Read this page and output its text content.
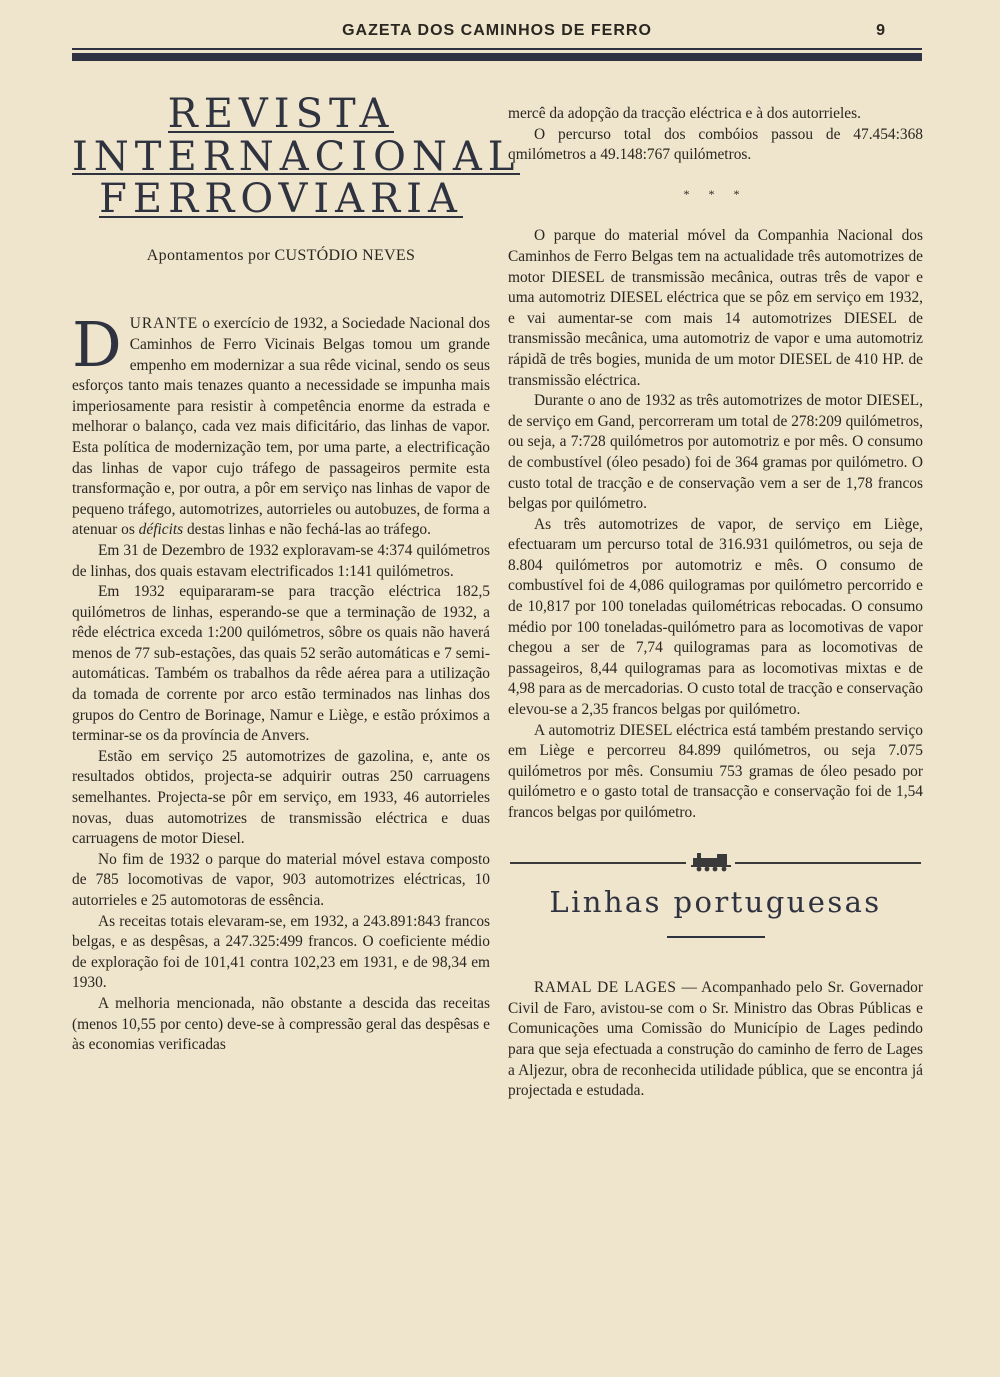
GAZETA DOS CAMINHOS DE FERRO	9
REVISTA
INTERNACIONAL
FERROVIARIA
Apontamentos por CUSTÓDIO NEVES

DURANTE o exercício de 1932, a Sociedade Nacional dos Caminhos de Ferro Vicinais Belgas tomou um grande empenho em modernizar a sua rêde vicinal, sendo os seus esforços tanto mais tenazes quanto a necessidade se impunha mais imperiosamente para resistir à competência enorme da estrada e melhorar o balanço, cada vez mais dificitário, das linhas de vapor. Esta política de modernização tem, por uma parte, a electrificação das linhas de vapor cujo tráfego de passageiros permite esta transformação e, por outra, a pôr em serviço nas linhas de vapor de pequeno tráfego, automotrizes, autorrieles ou autobuzes, de forma a atenuar os déficits destas linhas e não fechá-las ao tráfego.

Em 31 de Dezembro de 1932 exploravam-se 4:374 quilómetros de linhas, dos quais estavam electrificados 1:141 quilómetros.

Em 1932 equipararam-se para tracção eléctrica 182,5 quilómetros de linhas, esperando-se que a terminação de 1932, a rêde eléctrica exceda 1:200 quilómetros, sôbre os quais não haverá menos de 77 sub-estações, das quais 52 serão automáticas e 7 semi-automáticas. Também os trabalhos da rêde aérea para a utilização da tomada de corrente por arco estão terminados nas linhas dos grupos do Centro de Borinage, Namur e Liège, e estão próximos a terminar-se os da província de Anvers.

Estão em serviço 25 automotrizes de gazolina, e, ante os resultados obtidos, projecta-se adquirir outras 250 carruagens semelhantes. Projecta-se pôr em serviço, em 1933, 46 autorrieles novas, duas automotrizes de transmissão eléctrica e duas carruagens de motor Diesel.

No fim de 1932 o parque do material móvel estava composto de 785 locomotivas de vapor, 903 automotrizes eléctricas, 10 autorrieles e 25 automotoras de essência.

As receitas totais elevaram-se, em 1932, a 243.891:843 francos belgas, e as despêsas, a 247.325:499 francos. O coeficiente médio de exploração foi de 101,41 contra 102,23 em 1931, e de 98,34 em 1930.

A melhoria mencionada, não obstante a descida das receitas (menos 10,55 por cento) deve-se à compressão geral das despêsas e às economias verificadas

mercê da adopção da tracção eléctrica e à dos autorrieles.

O percurso total dos combóios passou de 47.454:368 qmilómetros a 49.148:767 quilómetros.

* * *

O parque do material móvel da Companhia Nacional dos Caminhos de Ferro Belgas tem na actualidade três automotrizes de motor DIESEL de transmissão mecânica, outras três de vapor e uma automotriz DIESEL eléctrica que se pôz em serviço em 1932, e vai aumentar-se com mais 14 automotrizes DIESEL de transmissão mecânica, uma automotriz de vapor e uma automotriz rápidã de três bogies, munida de um motor DIESEL de 410 HP. de transmissão eléctrica.

Durante o ano de 1932 as três automotrizes de motor DIESEL, de serviço em Gand, percorreram um total de 278:209 quilómetros, ou seja, a 7:728 quilómetros por automotriz e por mês. O consumo de combustível (óleo pesado) foi de 364 gramas por quilómetro. O custo total de tracção e de conservação vem a ser de 1,78 francos belgas por quilómetro.

As três automotrizes de vapor, de serviço em Liège, efectuaram um percurso total de 316.931 quilómetros, ou seja de 8.804 quilómetros por automotriz e mês. O consumo de combustível foi de 4,086 quilogramas por quilómetro percorrido e de 10,817 por 100 toneladas quilométricas rebocadas. O consumo médio por 100 toneladas-quilómetro para as locomotivas de vapor chegou a ser de 7,74 quilogramas para as locomotivas de passageiros, 8,44 quilogramas para as locomotivas mixtas e de 4,98 para as de mercadorias. O custo total de tracção e conservação elevou-se a 2,35 francos belgas por quilómetro.

A automotriz DIESEL eléctrica está também prestando serviço em Liège e percorreu 84.899 quilómetros, ou seja 7.075 quilómetros por mês. Consumiu 753 gramas de óleo pesado por quilómetro e o gasto total de transacção e conservação foi de 1,54 francos belgas por quilómetro.

Linhas portuguesas

RAMAL DE LAGES — Acompanhado pelo Sr. Governador Civil de Faro, avistou-se com o Sr. Ministro das Obras Públicas e Comunicações uma Comissão do Município de Lages pedindo para que seja efectuada a construção do caminho de ferro de Lages a Aljezur, obra de reconhecida utilidade pública, que se encontra já projectada e estudada.
